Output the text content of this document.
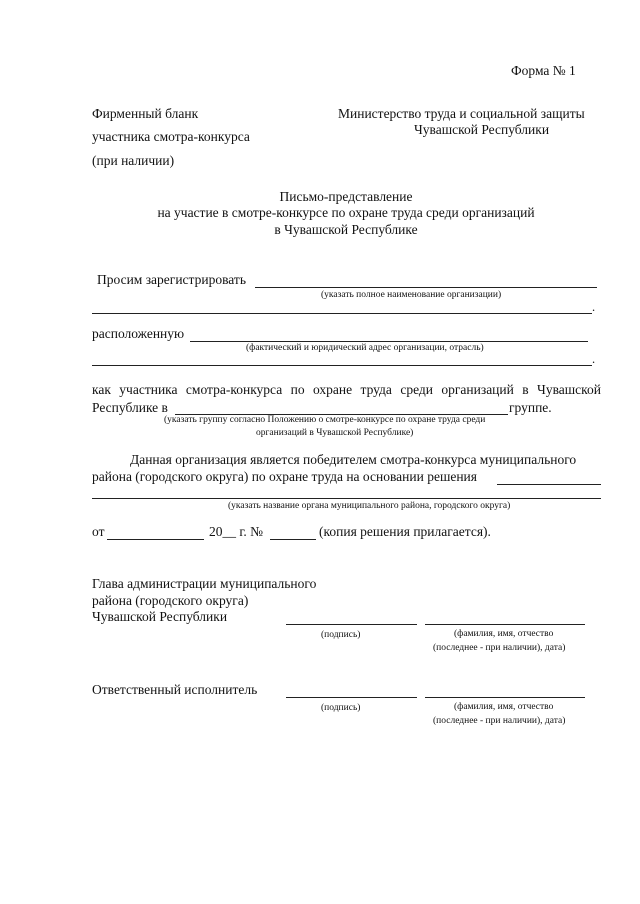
Форма № 1
Фирменный бланк
участника смотра-конкурса
(при наличии)
Министерство труда и социальной защиты
Чувашской Республики
Письмо-представление
на участие в смотре-конкурсе по охране труда среди организаций
в Чувашской Республике
Просим зарегистрировать
(указать полное наименование организации)
.
расположенную
(фактический и юридический адрес организации, отрасль)
.
как участника смотра-конкурса по охране труда среди организаций в Чувашской
Республике в	группе.
(указать группу согласно Положению о смотре-конкурсе по охране труда среди
организаций в Чувашской Республике)
Данная организация является победителем смотра-конкурса муниципального
района (городского округа) по охране труда на основании решения
(указать название органа муниципального района, городского округа)
от	20__ г. №	(копия решения прилагается).
Глава администрации муниципального
района (городского округа)
Чувашской Республики
(подпись)	(фамилия, имя, отчество
(последнее - при наличии), дата)
Ответственный исполнитель
(подпись)	(фамилия, имя, отчество
(последнее - при наличии), дата)
